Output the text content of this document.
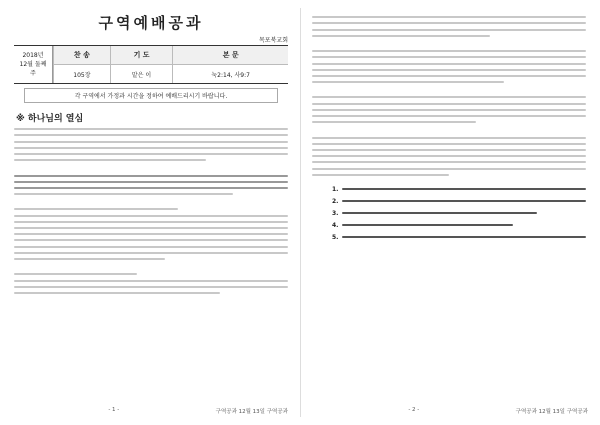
구역예배공과
목포북교회
2018년
12월 둘째 주
찬 송	기 도	본 문
105장	맡은 이	눅2:14, 사9:7
각 구역에서 가정과 시간을 정하여 예배드리시기 바랍니다.
※ 하나님의 열심
- 1 -	구역공과 12월 13일 구역공과
1.
2.
3.
4.
5.
- 2 -	구역공과 12월 13일 구역공과
